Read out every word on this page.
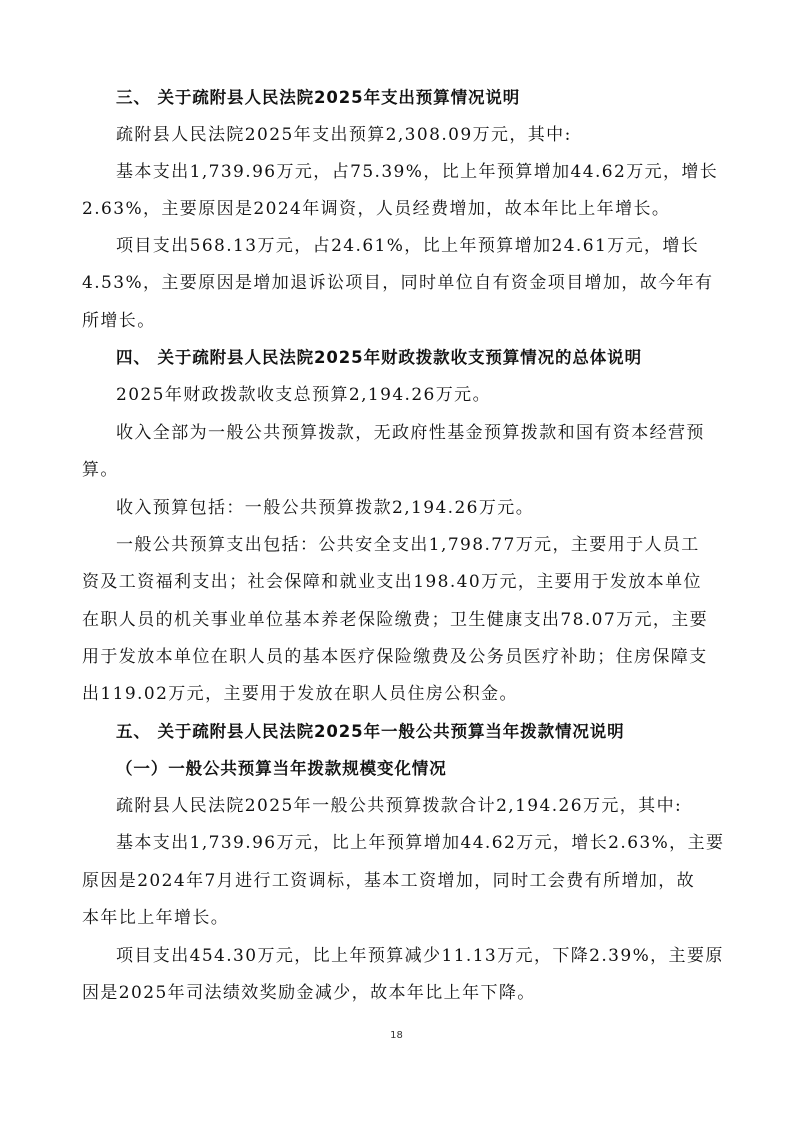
三、 关于疏附县人民法院2025年支出预算情况说明
疏附县人民法院2025年支出预算2,308.09万元，其中:
基本支出1,739.96万元，占75.39%，比上年预算增加44.62万元，增长
2.63%，主要原因是2024年调资，人员经费增加，故本年比上年增长。
项目支出568.13万元，占24.61%，比上年预算增加24.61万元，增长
4.53%，主要原因是增加退诉讼项目，同时单位自有资金项目增加，故今年有
所增长。
四、 关于疏附县人民法院2025年财政拨款收支预算情况的总体说明
2025年财政拨款收支总预算2,194.26万元。
收入全部为一般公共预算拨款，无政府性基金预算拨款和国有资本经营预
算。
收入预算包括：一般公共预算拨款2,194.26万元。
一般公共预算支出包括：公共安全支出1,798.77万元，主要用于人员工
资及工资福利支出；社会保障和就业支出198.40万元，主要用于发放本单位
在职人员的机关事业单位基本养老保险缴费；卫生健康支出78.07万元，主要
用于发放本单位在职人员的基本医疗保险缴费及公务员医疗补助；住房保障支
出119.02万元，主要用于发放在职人员住房公积金。
五、 关于疏附县人民法院2025年一般公共预算当年拨款情况说明
（一）一般公共预算当年拨款规模变化情况
疏附县人民法院2025年一般公共预算拨款合计2,194.26万元，其中:
基本支出1,739.96万元，比上年预算增加44.62万元，增长2.63%，主要
原因是2024年7月进行工资调标，基本工资增加，同时工会费有所增加，故
本年比上年增长。
项目支出454.30万元，比上年预算减少11.13万元，下降2.39%，主要原
因是2025年司法绩效奖励金减少，故本年比上年下降。
18
